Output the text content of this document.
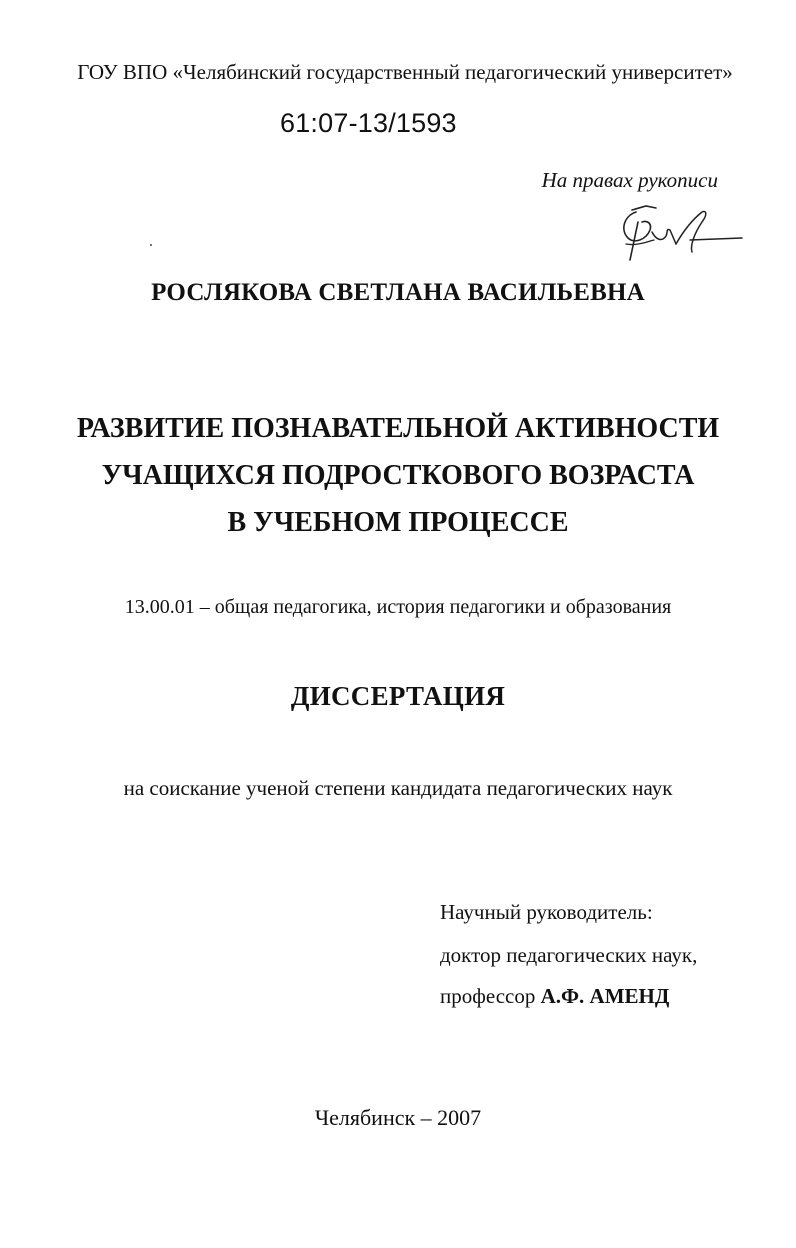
ГОУ ВПО «Челябинский государственный педагогический университет»
61:07-13/1593
На правах рукописи
РОСЛЯКОВА СВЕТЛАНА ВАСИЛЬЕВНА
РАЗВИТИЕ ПОЗНАВАТЕЛЬНОЙ АКТИВНОСТИ
УЧАЩИХСЯ ПОДРОСТКОВОГО ВОЗРАСТА
В УЧЕБНОМ ПРОЦЕССЕ
13.00.01 – общая педагогика, история педагогики и образования
ДИССЕРТАЦИЯ
на соискание ученой степени кандидата педагогических наук
Научный руководитель:
доктор педагогических наук,
профессор А.Ф. АМЕНД
Челябинск – 2007
